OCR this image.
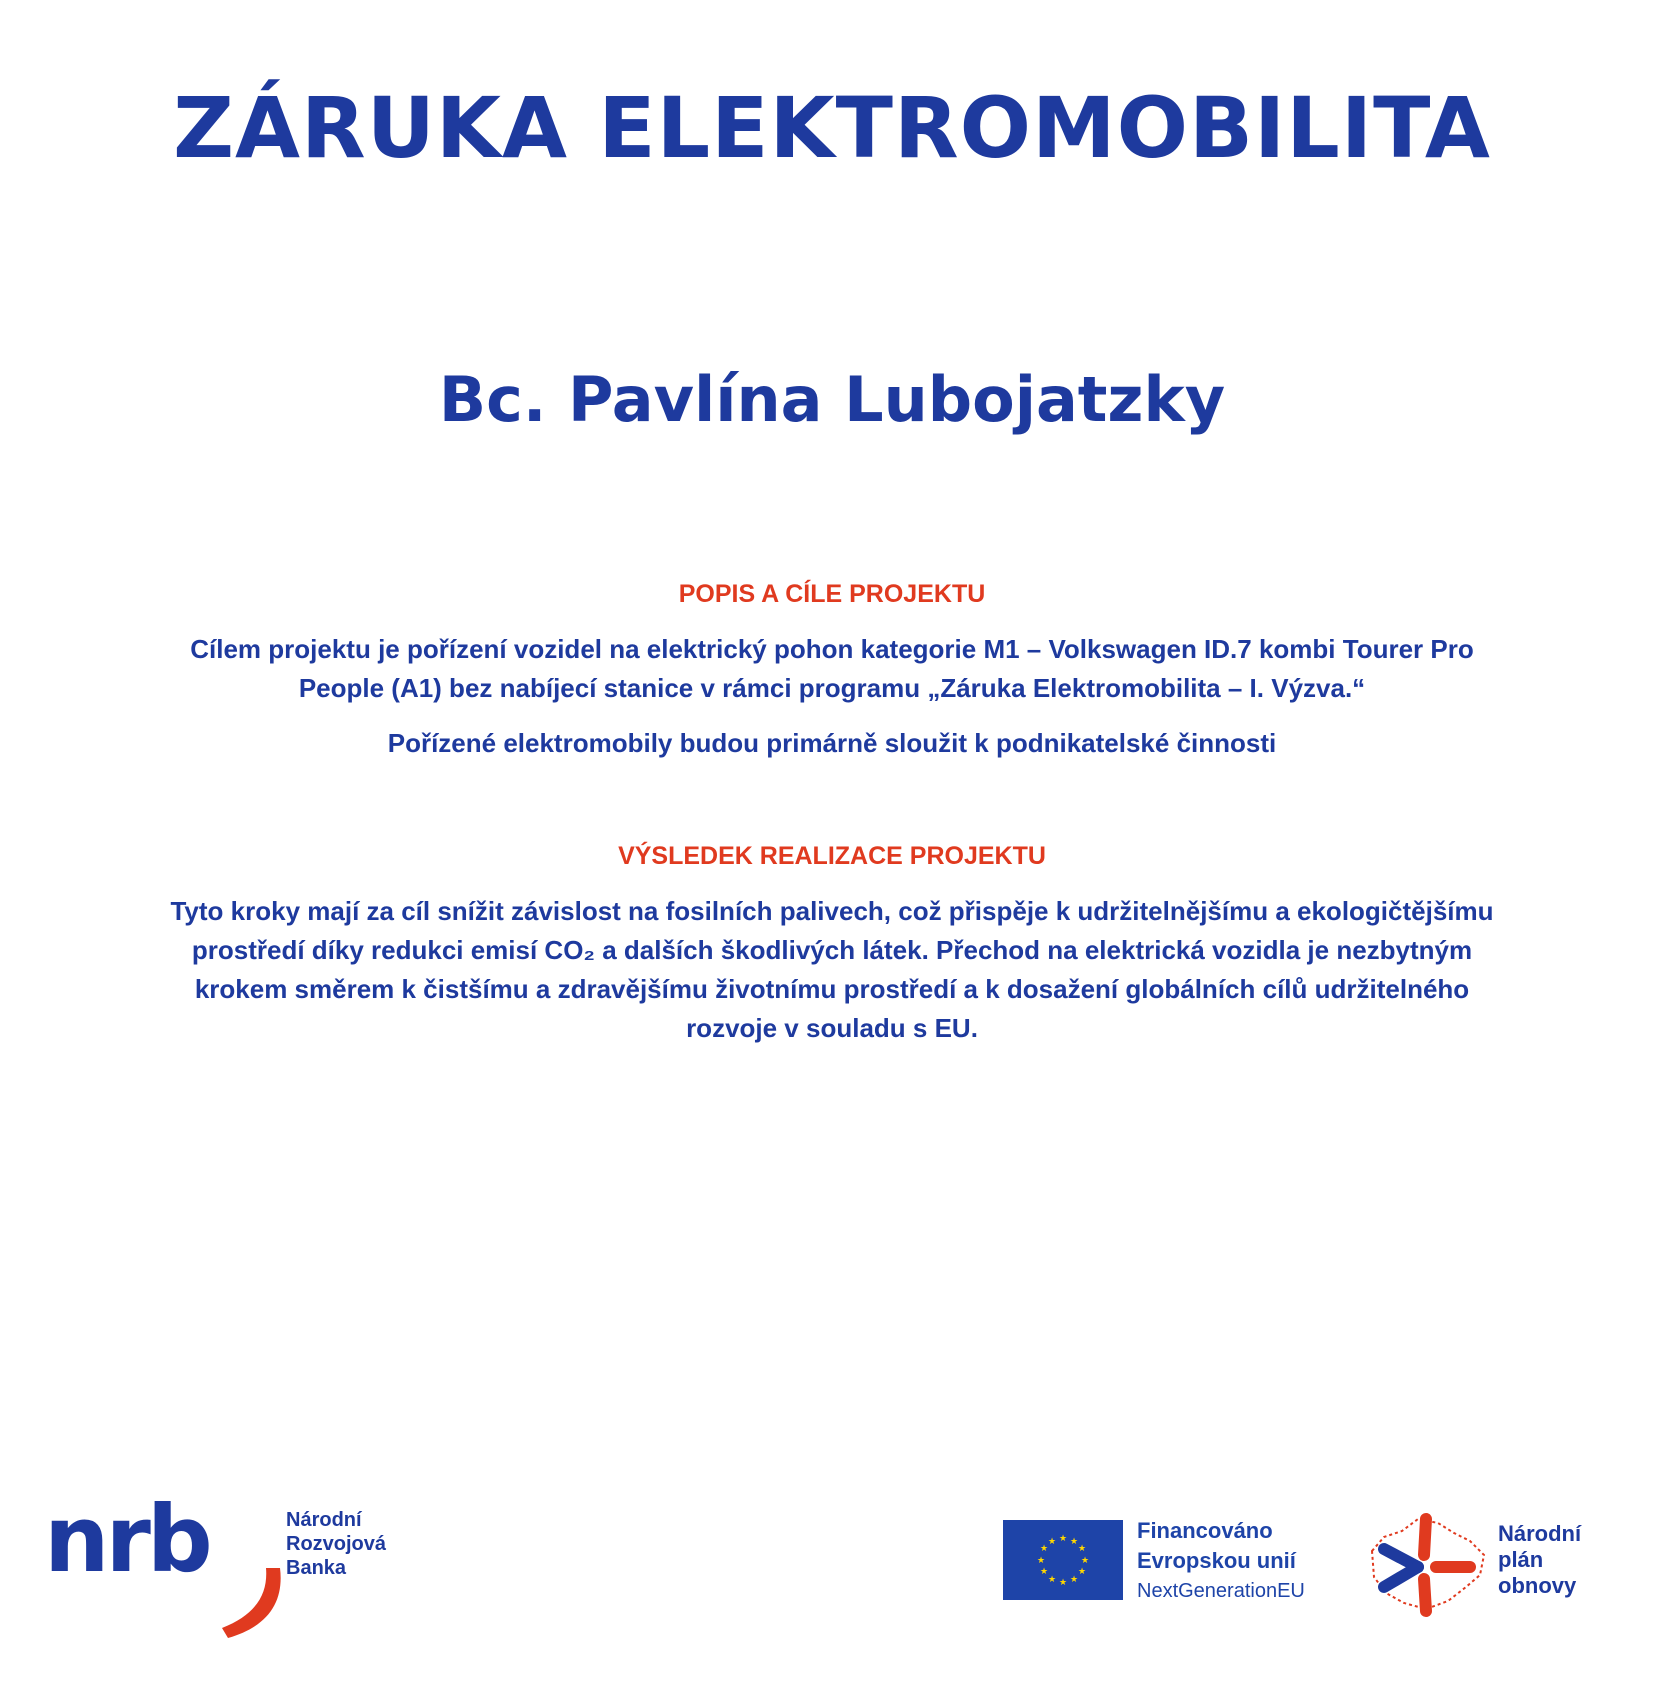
ZÁRUKA ELEKTROMOBILITA
Bc. Pavlína Lubojatzky
POPIS A CÍLE PROJEKTU

Cílem projektu je pořízení vozidel na elektrický pohon kategorie M1 – Volkswagen ID.7 kombi Tourer Pro People (A1) bez nabíjecí stanice v rámci programu „Záruka Elektromobilita – I. Výzva.“

Pořízené elektromobily budou primárně sloužit k podnikatelské činnosti

VÝSLEDEK REALIZACE PROJEKTU

Tyto kroky mají za cíl snížit závislost na fosilních palivech, což přispěje k udržitelnějšímu a ekologičtějšímu prostředí díky redukci emisí CO₂ a dalších škodlivých látek. Přechod na elektrická vozidla je nezbytným krokem směrem k čistšímu a zdravějšímu životnímu prostředí a k dosažení globálních cílů udržitelného rozvoje v souladu s EU.

nrb	Národní
Rozvojová
Banka
★ ★
★
★
★
★
★
★
★
★
★
★	Financováno
Evropskou unií
NextGenerationEU
Národní
plán
obnovy
